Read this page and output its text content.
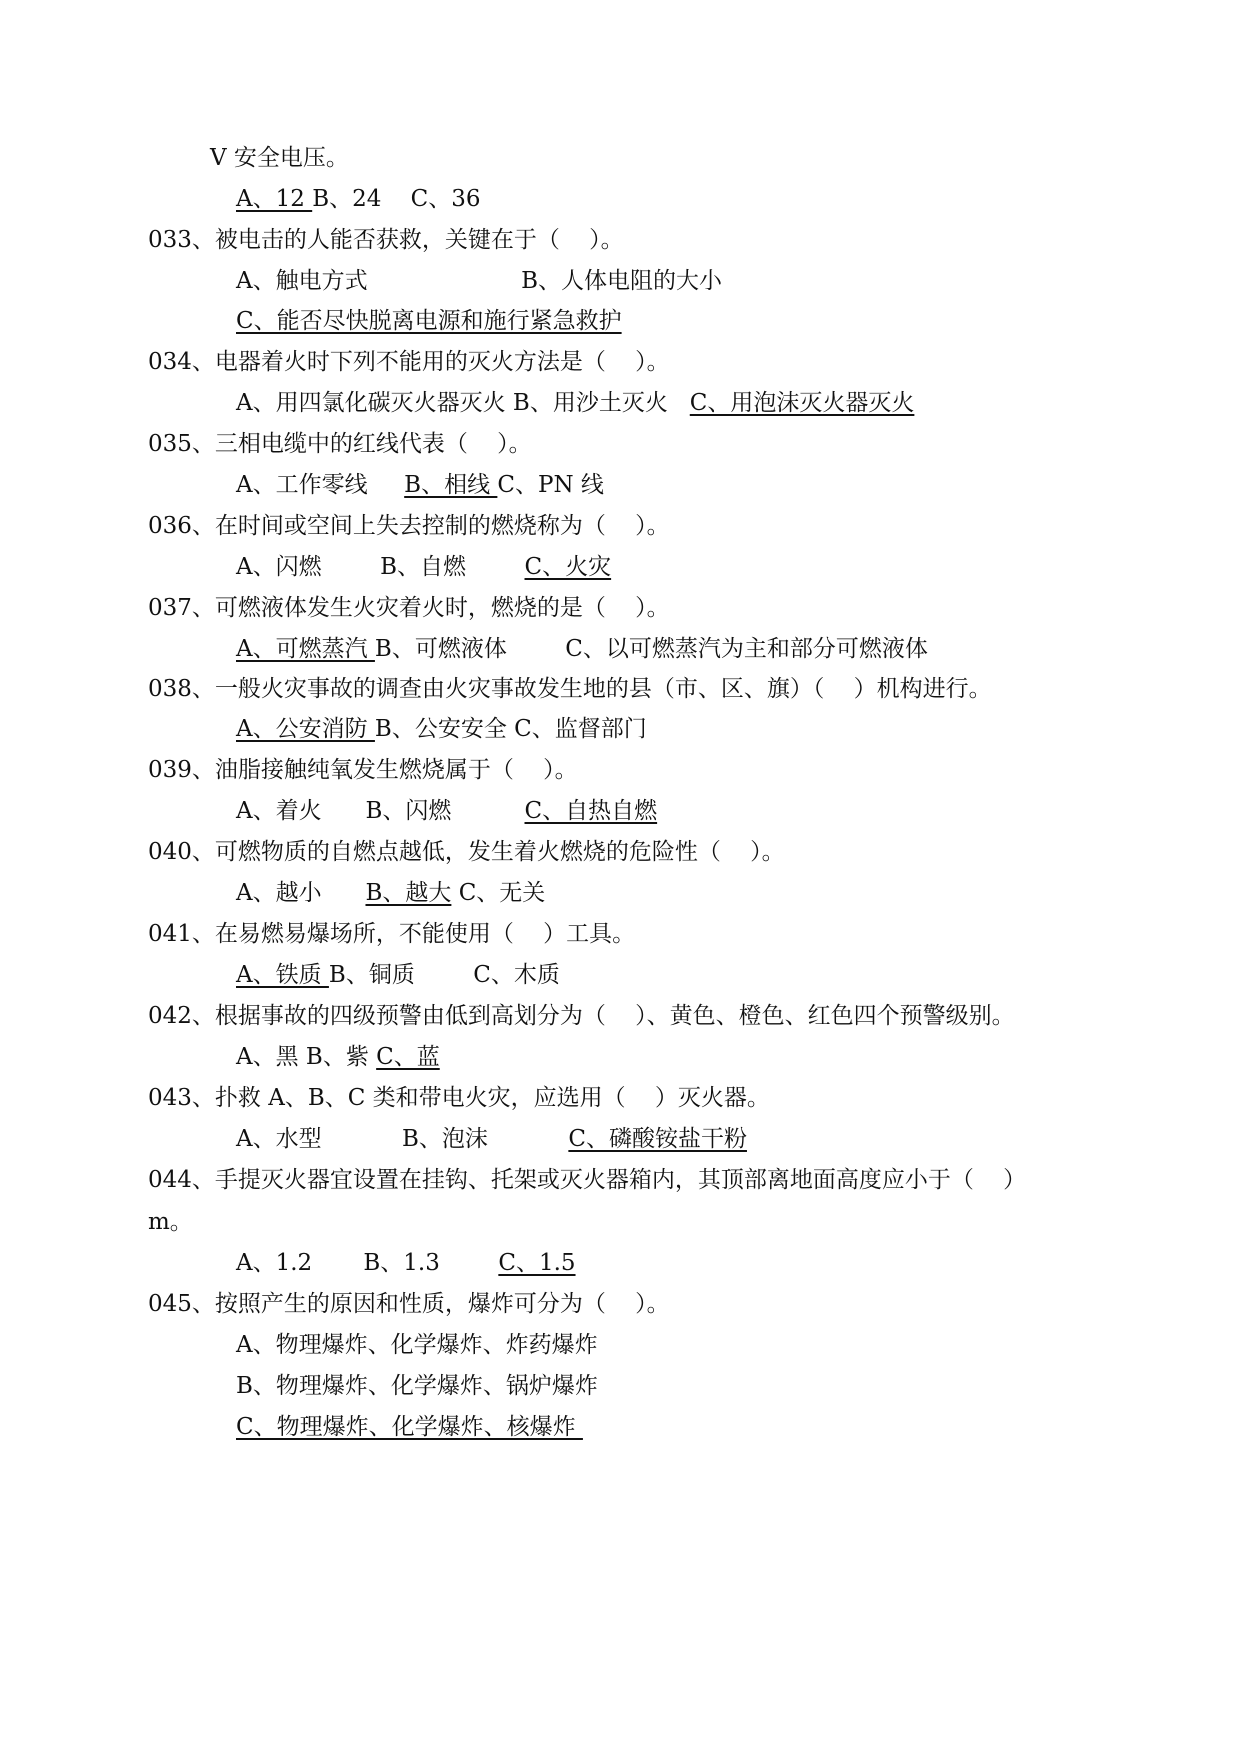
V 安全电压。
A、12 B、24    C、36
033、被电击的人能否获救，关键在于（    ）。
A、触电方式                     B、人体电阻的大小
C、能否尽快脱离电源和施行紧急救护
034、电器着火时下列不能用的灭火方法是（    ）。
A、用四氯化碳灭火器灭火 B、用沙土灭火   C、用泡沫灭火器灭火
035、三相电缆中的红线代表（    ）。
A、工作零线     B、相线 C、PN 线
036、在时间或空间上失去控制的燃烧称为（    ）。
A、闪燃        B、自燃        C、火灾
037、可燃液体发生火灾着火时，燃烧的是（    ）。
A、可燃蒸汽 B、可燃液体        C、以可燃蒸汽为主和部分可燃液体
038、一般火灾事故的调查由火灾事故发生地的县（市、区、旗）（    ）机构进行。
A、公安消防 B、公安安全 C、监督部门
039、油脂接触纯氧发生燃烧属于（    ）。
A、着火      B、闪燃          C、自热自燃
040、可燃物质的自燃点越低，发生着火燃烧的危险性（    ）。
A、越小      B、越大 C、无关
041、在易燃易爆场所，不能使用（    ）工具。
A、铁质 B、铜质        C、木质
042、根据事故的四级预警由低到高划分为（    ）、黄色、橙色、红色四个预警级别。
A、黑 B、紫 C、蓝
043、扑救 A、B、C 类和带电火灾，应选用（    ）灭火器。
A、水型           B、泡沫           C、磷酸铵盐干粉
044、手提灭火器宜设置在挂钩、托架或灭火器箱内，其顶部离地面高度应小于（    ）
m。
A、1.2       B、1.3        C、1.5
045、按照产生的原因和性质，爆炸可分为（    ）。
A、物理爆炸、化学爆炸、炸药爆炸
B、物理爆炸、化学爆炸、锅炉爆炸
C、物理爆炸、化学爆炸、核爆炸
